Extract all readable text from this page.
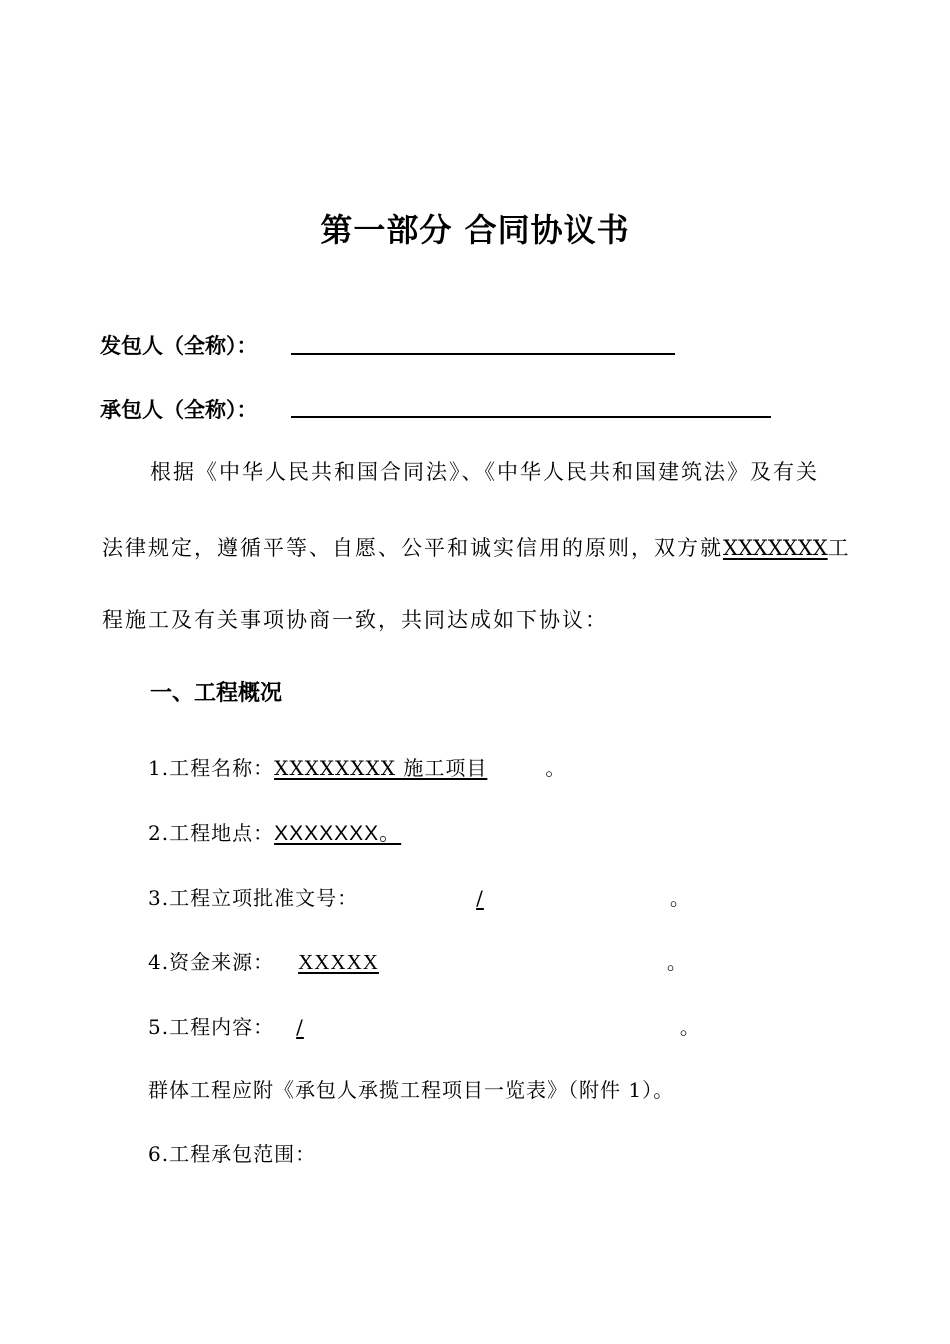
第一部分 合同协议书
发包人（全称）：
承包人（全称）：
根据《中华人民共和国合同法》、《中华人民共和国建筑法》及有关
法律规定，遵循平等、自愿、公平和诚实信用的原则，双方就XXXXXXX工
程施工及有关事项协商一致，共同达成如下协议：
一、工程概况
1.工程名称：XXXXXXXX 施工项目	。
2.工程地点：XXXXXXX。
3.工程立项批准文号：	/	。
4.资金来源： XXXXX	。
5.工程内容： /	。
群体工程应附《承包人承揽工程项目一览表》（附件 1）。
6.工程承包范围：
